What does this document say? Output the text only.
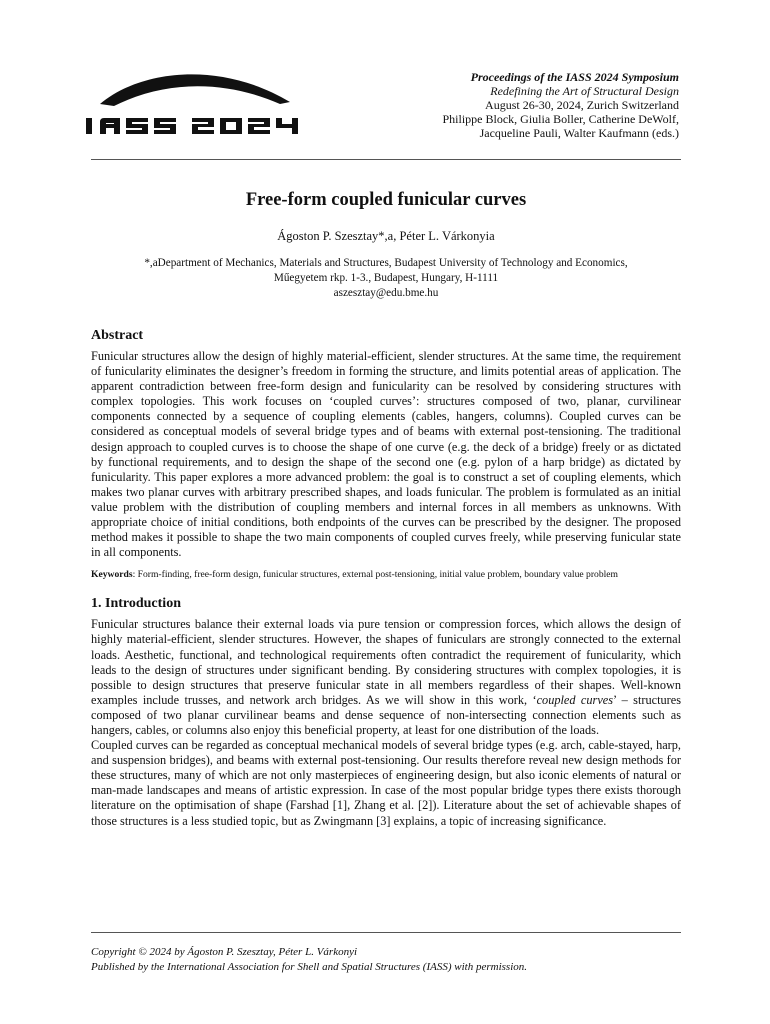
Proceedings of the IASS 2024 Symposium
Redefining the Art of Structural Design
August 26-30, 2024, Zurich Switzerland
Philippe Block, Giulia Boller, Catherine DeWolf,
Jacqueline Pauli, Walter Kaufmann (eds.)
Free-form coupled funicular curves
Ágoston P. Szesztay*,a, Péter L. Várkonyia
*,aDepartment of Mechanics, Materials and Structures, Budapest University of Technology and Economics,
Műegyetem rkp. 1-3., Budapest, Hungary, H-1111
aszesztay@edu.bme.hu
Abstract

Funicular structures allow the design of highly material-efficient, slender structures. At the same time, the requirement of funicularity eliminates the designer’s freedom in forming the structure, and limits potential areas of application. The apparent contradiction between free-form design and funicularity can be resolved by considering structures with complex topologies. This work focuses on ‘coupled curves’: structures composed of two, planar, curvilinear components connected by a sequence of coupling elements (cables, hangers, columns). Coupled curves can be considered as conceptual models of several bridge types and of beams with external post-tensioning. The traditional design approach to coupled curves is to choose the shape of one curve (e.g. the deck of a bridge) freely or as dictated by functional requirements, and to design the shape of the second one (e.g. pylon of a harp bridge) as dictated by funicularity. This paper explores a more advanced problem: the goal is to construct a set of coupling elements, which makes two planar curves with arbitrary prescribed shapes, and loads funicular. The problem is formulated as an initial value problem with the distribution of coupling members and internal forces in all members as unknowns. With appropriate choice of initial conditions, both endpoints of the curves can be prescribed by the designer. The proposed method makes it possible to shape the two main components of coupled curves freely, while preserving funicular state in all components.

Keywords: Form-finding, free-form design, funicular structures, external post-tensioning, initial value problem, boundary value problem
1. Introduction

Funicular structures balance their external loads via pure tension or compression forces, which allows the design of highly material-efficient, slender structures. However, the shapes of funiculars are strongly connected to the external loads. Aesthetic, functional, and technological requirements often contradict the requirement of funicularity, which leads to the design of structures under significant bending. By considering structures with complex topologies, it is possible to design structures that preserve funicular state in all members regardless of their shapes. Well-known examples include trusses, and network arch bridges. As we will show in this work, ‘coupled curves’ – structures composed of two planar curvilinear beams and dense sequence of non-intersecting connection elements such as hangers, cables, or columns also enjoy this beneficial property, at least for one distribution of the loads.

Coupled curves can be regarded as conceptual mechanical models of several bridge types (e.g. arch, cable-stayed, harp, and suspension bridges), and beams with external post-tensioning. Our results therefore reveal new design methods for these structures, many of which are not only masterpieces of engineering design, but also iconic elements of natural or man-made landscapes and means of artistic expression. In case of the most popular bridge types there exists thorough literature on the optimisation of shape (Farshad [1], Zhang et al. [2]). Literature about the set of achievable shapes of those structures is a less studied topic, but as Zwingmann [3] explains, a topic of increasing significance.

Copyright © 2024 by Ágoston P. Szesztay, Péter L. Várkonyi
Published by the International Association for Shell and Spatial Structures (IASS) with permission.
